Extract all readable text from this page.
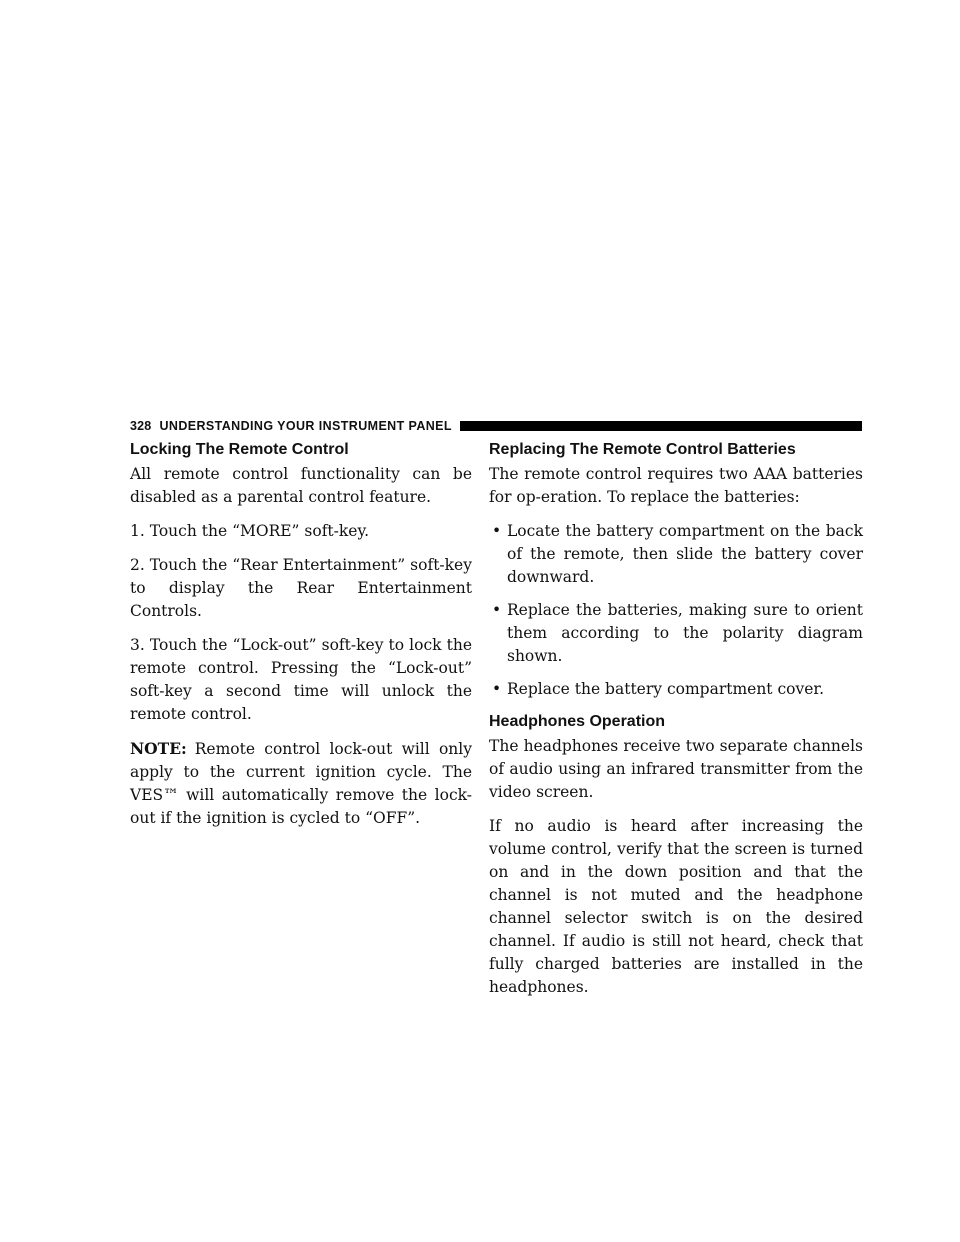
328 UNDERSTANDING YOUR INSTRUMENT PANEL
Locking The Remote Control

All remote control functionality can be disabled as a parental control feature.

1. Touch the “MORE” soft-key.

2. Touch the “Rear Entertainment” soft-key to display the Rear Entertainment Controls.

3. Touch the “Lock-out” soft-key to lock the remote control. Pressing the “Lock-out” soft-key a second time will unlock the remote control.

NOTE: Remote control lock-out will only apply to the current ignition cycle. The VES™ will automatically remove the lock-out if the ignition is cycled to “OFF”.

Replacing The Remote Control Batteries

The remote control requires two AAA batteries for op-eration. To replace the batteries:

• Locate the battery compartment on the back of the remote, then slide the battery cover downward.
• Replace the batteries, making sure to orient them according to the polarity diagram shown.
• Replace the battery compartment cover.
Headphones Operation

The headphones receive two separate channels of audio using an infrared transmitter from the video screen.

If no audio is heard after increasing the volume control, verify that the screen is turned on and in the down position and that the channel is not muted and the headphone channel selector switch is on the desired channel. If audio is still not heard, check that fully charged batteries are installed in the headphones.
